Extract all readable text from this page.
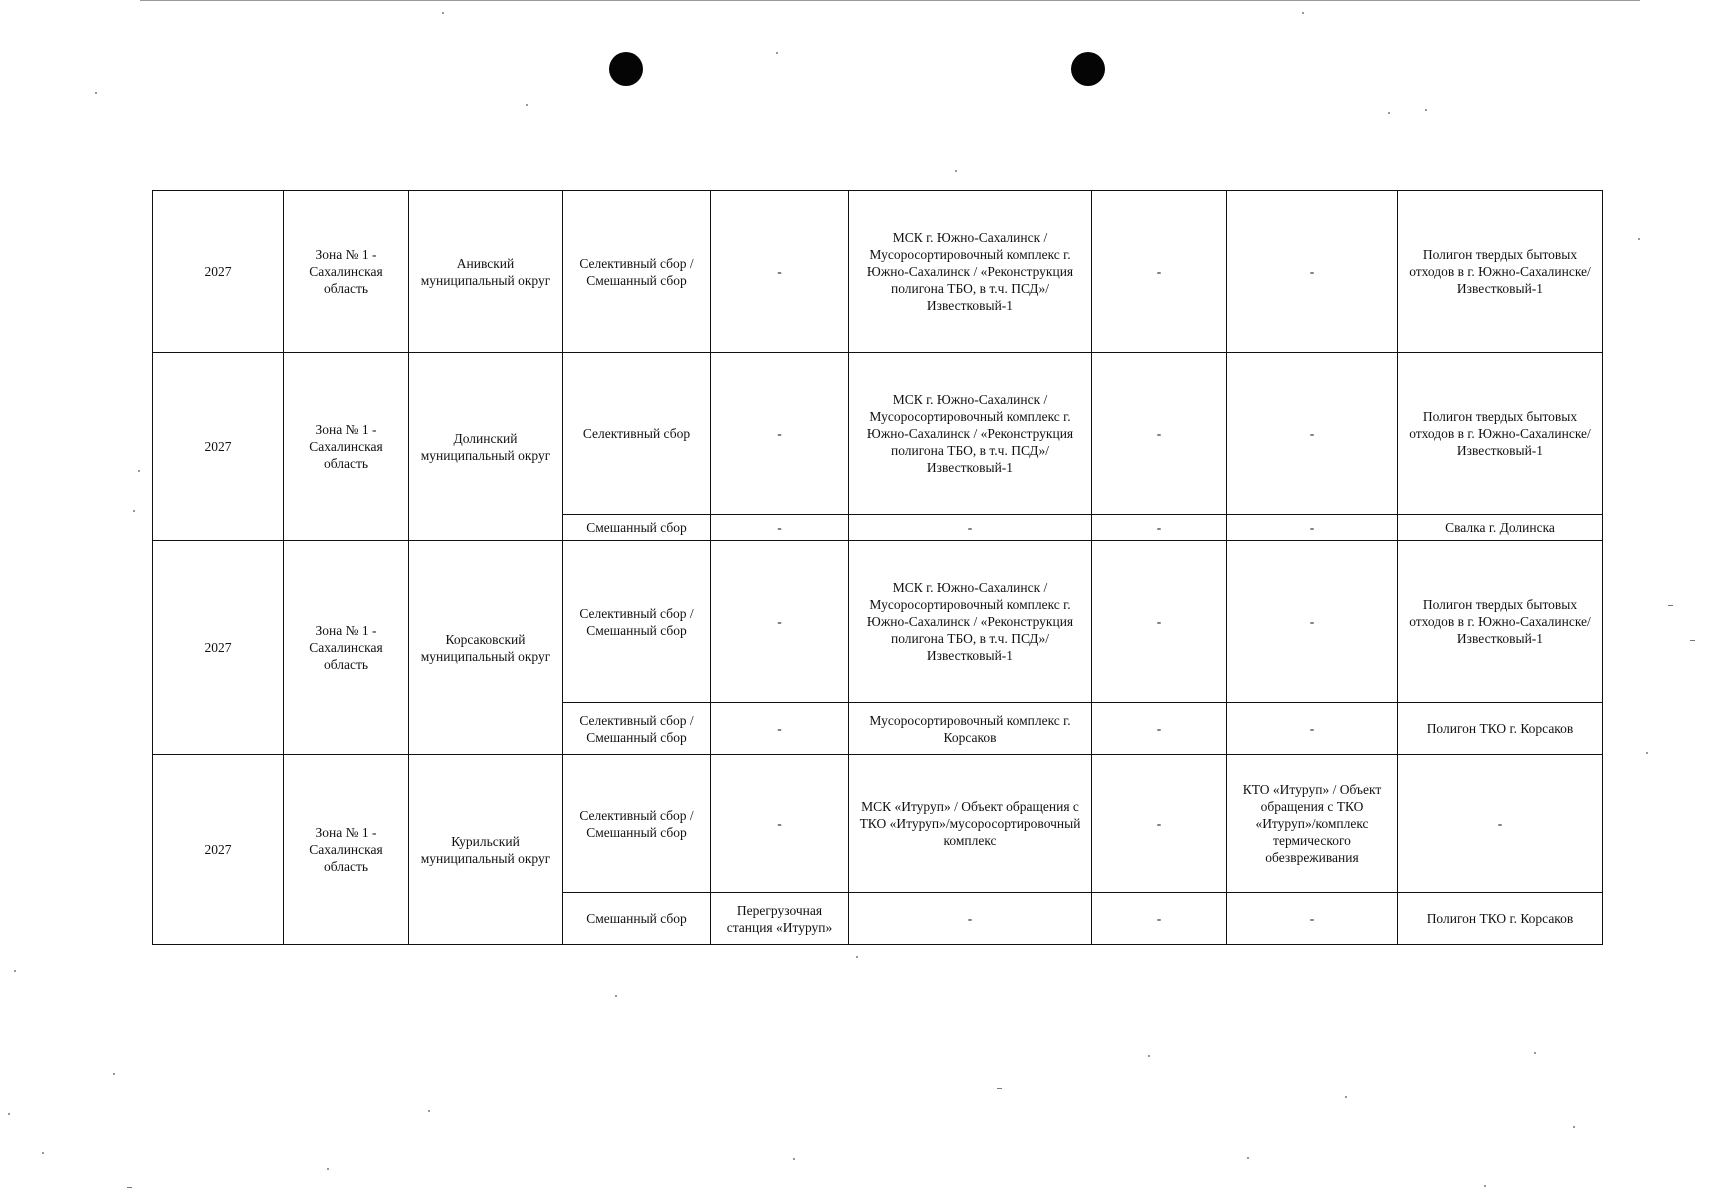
2027	Зона № 1 - Сахалинская область	Анивский муниципальный округ	Селективный сбор / Смешанный сбор	-	МСК г. Южно-Сахалинск / Мусоросортировочный комплекс г. Южно-Сахалинск / «Реконструкция полигона ТБО, в т.ч. ПСД»/Известковый-1	-	-	Полигон твердых бытовых отходов в г. Южно-Сахалинске/Известковый-1
2027	Зона № 1 - Сахалинская область	Долинский муниципальный округ	Селективный сбор	-	МСК г. Южно-Сахалинск / Мусоросортировочный комплекс г. Южно-Сахалинск / «Реконструкция полигона ТБО, в т.ч. ПСД»/Известковый-1	-	-	Полигон твердых бытовых отходов в г. Южно-Сахалинске/Известковый-1
			Смешанный сбор	-	-	-	-	Свалка г. Долинска
2027	Зона № 1 - Сахалинская область	Корсаковский муниципальный округ	Селективный сбор / Смешанный сбор	-	МСК г. Южно-Сахалинск / Мусоросортировочный комплекс г. Южно-Сахалинск / «Реконструкция полигона ТБО, в т.ч. ПСД»/Известковый-1	-	-	Полигон твердых бытовых отходов в г. Южно-Сахалинске/Известковый-1
			Селективный сбор / Смешанный сбор	-	Мусоросортировочный комплекс г. Корсаков	-	-	Полигон ТКО г. Корсаков
2027	Зона № 1 - Сахалинская область	Курильский муниципальный округ	Селективный сбор / Смешанный сбор	-	МСК «Итуруп» / Объект обращения с ТКО «Итуруп»/мусоросортировочный комплекс	-	КТО «Итуруп» / Объект обращения с ТКО «Итуруп»/комплекс термического обезвреживания	-
			Смешанный сбор	Перегрузочная станция «Итуруп»	-	-	-	Полигон ТКО г. Корсаков
